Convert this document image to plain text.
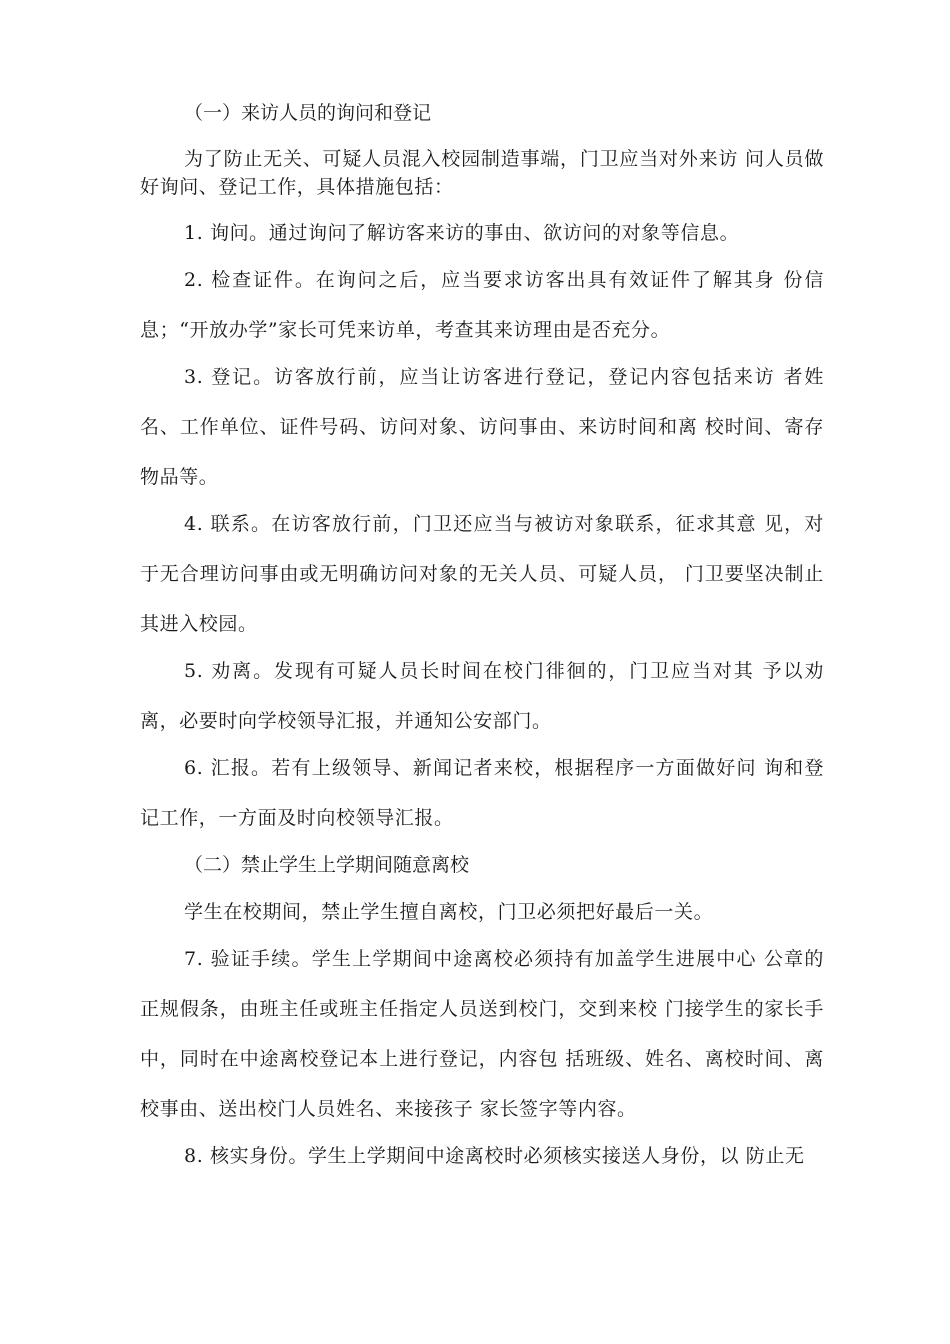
（一）来访人员的询问和登记
为了防止无关、可疑人员混入校园制造事端，门卫应当对外来访 问人员做好询问、登记工作，具体措施包括：
1. 询问。通过询问了解访客来访的事由、欲访问的对象等信息。
2. 检查证件。在询问之后，应当要求访客出具有效证件了解其身 份信息；“开放办学”家长可凭来访单，考查其来访理由是否充分。
3. 登记。访客放行前，应当让访客进行登记，登记内容包括来访 者姓名、工作单位、证件号码、访问对象、访问事由、来访时间和离 校时间、寄存物品等。
4. 联系。在访客放行前，门卫还应当与被访对象联系，征求其意 见，对于无合理访问事由或无明确访问对象的无关人员、可疑人员， 门卫要坚决制止其进入校园。
5. 劝离。发现有可疑人员长时间在校门徘徊的，门卫应当对其 予以劝离，必要时向学校领导汇报，并通知公安部门。
6. 汇报。若有上级领导、新闻记者来校，根据程序一方面做好问 询和登记工作，一方面及时向校领导汇报。
（二）禁止学生上学期间随意离校
学生在校期间，禁止学生擅自离校，门卫必须把好最后一关。
7. 验证手续。学生上学期间中途离校必须持有加盖学生进展中心 公章的正规假条，由班主任或班主任指定人员送到校门，交到来校 门接学生的家长手中，同时在中途离校登记本上进行登记，内容包 括班级、姓名、离校时间、离校事由、送出校门人员姓名、来接孩子 家长签字等内容。
8. 核实身份。学生上学期间中途离校时必须核实接送人身份，以 防止无
